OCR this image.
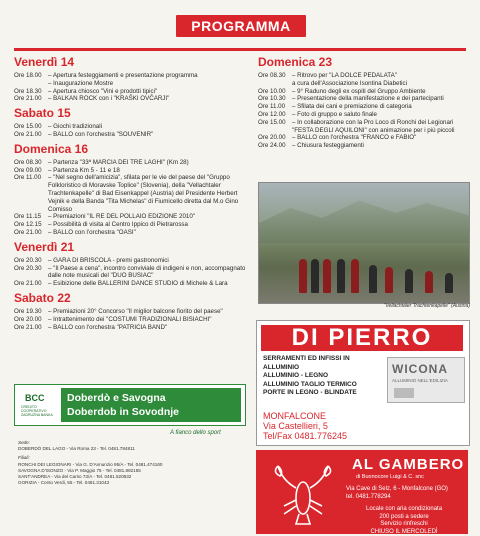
PROGRAMMA
Venerdì 14
Ore 18.00	– Apertura festeggiamenti e presentazione programma
– Inaugurazione Mostre
Ore 18.30	– Apertura chiosco "Vini e prodotti tipici"
Ore 21.00	– BALKAN ROCK con i "KRAŠKI OVČARJI"
Sabato 15
Ore 15.00	– Giochi tradizionali
Ore 21.00	– BALLO con l'orchestra "SOUVENIR"
Domenica 16
Ore 08.30	– Partenza "33ª MARCIA DEI TRE LAGHI" (Km 28)
Ore 09.00	– Partenza Km 5 - 11 e 18
Ore 11.00	– "Nel segno dell'amicizia", sfilata per le vie del paese del "Gruppo Folkloristico di Moravske Toplice" (Slovenia), della "Vellachtaler Trachtenkapelle" di Bad Eisenkappel (Austria) del Presidente Herbert Vejnik e della Banda "Tita Michelas" di Fiumicello diretta dal M.o Gino Comisso
Ore 11.15	– Premiazioni "IL RE DEL POLLAIO EDIZIONE 2010"
Ore 12.15	– Possibilità di visita al Centro Ippico di Pietrarossa
Ore 21.00	– BALLO con l'orchestra "OASI"
Venerdì 21
Ore 20.30	– GARA DI BRISCOLA - premi gastronomici
Ore 20.30	– "Il Paese a cena", incontro conviviale di indigeni e non, accompagnato dalle note musicali del "DUO BUSIAC"
Ore 21.00	– Esibizione delle BALLERINI DANCE STUDIO di Michele & Lara
Sabato 22
Ore 19.30	– Premiazioni 20° Concorso "Il miglior balcone fiorito del paese"
Ore 20.00	– Intrattenimento dei "COSTUMI TRADIZIONALI BISIACHI"
Ore 21.00	– BALLO con l'orchestra "PATRICIA BAND"
Domenica 23
Ore 08.30	– Ritrovo per "LA DOLCE PEDALATA"
a cura dell'Associazione Isontina Diabetici
Ore 10.00	– 9° Raduno degli ex ospiti del Gruppo Ambiente
Ore 10.30	– Presentazione della manifestazione e dei partecipanti
Ore 11.00	– Sfilata dei cani e premiazione di categoria
Ore 12.00	– Foto di gruppo e saluto finale
Ore 15.00	– In collaborazione con la Pro Loco di Ronchi dei Legionari "FESTA DEGLI AQUILONI" con animazione per i più piccoli
Ore 20.00	– BALLO con l'orchestra "FRANCO e FABIO"
Ore 24.00	– Chiusura festeggiamenti
"Vellachtaler Trachtenkapelle" (Austria)
DI PIERRO
SERRAMENTI ED INFISSI IN ALLUMINIO
ALLUMINIO - LEGNO
ALLUMINIO TAGLIO TERMICO
PORTE IN LEGNO - BLINDATE
WICONA
ALLUMINIO NELL'EDILIZIA
MONFALCONE
Via Castellieri, 5
Tel/Fax 0481.776245
AL GAMBERO
di Buonocore Luigi & C. snc
Via Cave di Selz, 6 - Monfalcone (GO)
tel. 0481.778294
Locale con aria condizionata
200 posti a sedere
Servizio rinfreschi
CHIUSO IL MERCOLEDÌ
BCC
CREDITO COOPERATIVO
ZADRUŽNA BANKA
Doberdò e Savogna
Doberdob in Sovodnje
A fianco dello sport
Sede:
DOBERDÒ DEL LAGO - Via Roma 23 - Tel. 0481.784811
Filiali:
RONCHI DEI LEGIONARI - Via G. D'Annunzio 95/A - Tel. 0481.474160
SAVOGNA D'ISONZO - Via P. Maggio 75 - Tel. 0481.882155
SANT'ANDREA - Via del Carso 73/A - Tel. 0481.520832
GORIZIA - Corso Verdi, 55 - Tel. 0481.31043
